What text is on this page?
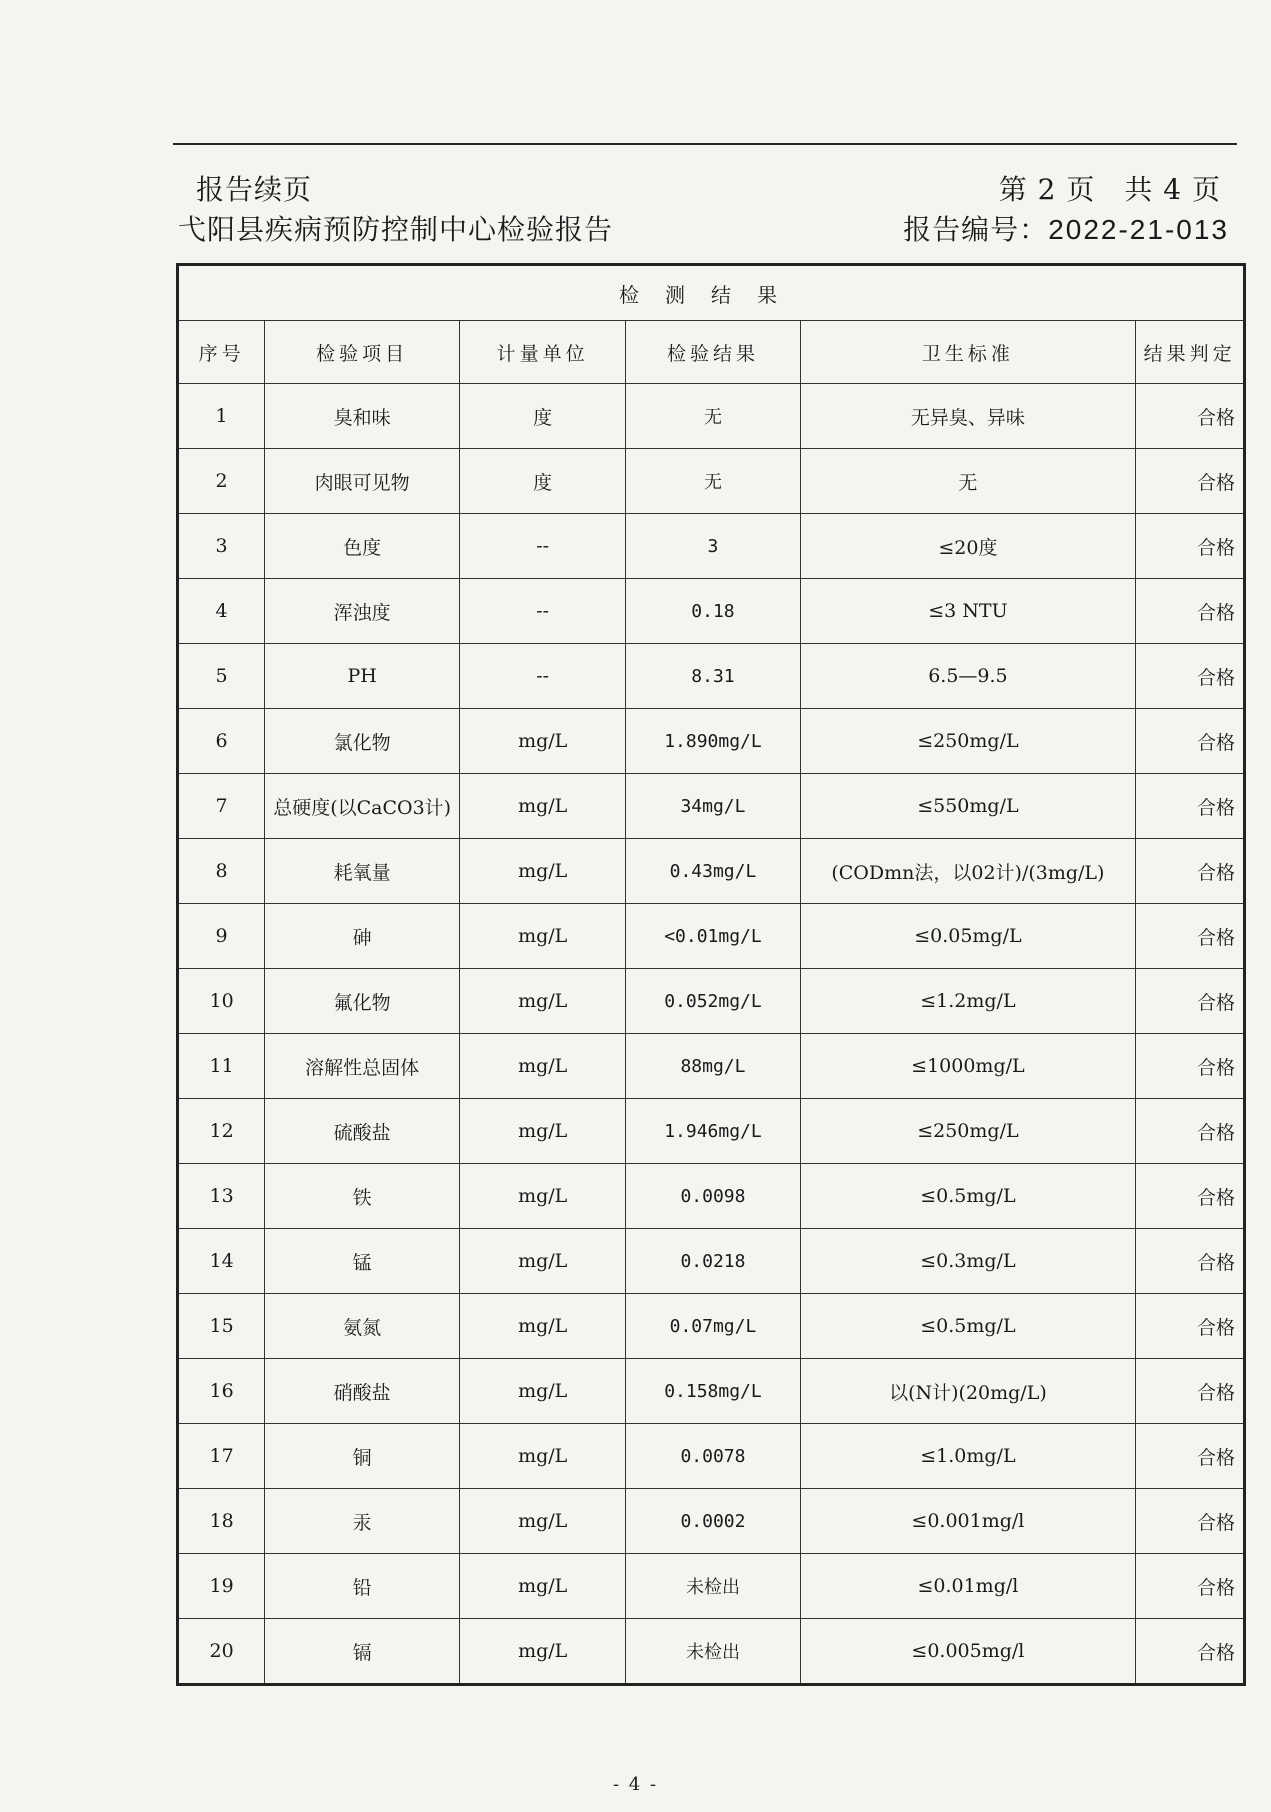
报告续页	第 2 页　共 4 页
弋阳县疾病预防控制中心检验报告	报告编号：2022-21-013
检测结果					
序号	检验项目	计量单位	检验结果	卫生标准	结果判定
1	臭和味	度	无	无异臭、异味	合格
2	肉眼可见物	度	无	无	合格
3	色度	--	3	≤20度	合格
4	浑浊度	--	0.18	≤3 NTU	合格
5	PH	--	8.31	6.5—9.5	合格
6	氯化物	mg/L	1.890mg/L	≤250mg/L	合格
7	总硬度(以CaCO3计)	mg/L	34mg/L	≤550mg/L	合格
8	耗氧量	mg/L	0.43mg/L	(CODmn法，以02计)/(3mg/L)	合格
9	砷	mg/L	<0.01mg/L	≤0.05mg/L	合格
10	氟化物	mg/L	0.052mg/L	≤1.2mg/L	合格
11	溶解性总固体	mg/L	88mg/L	≤1000mg/L	合格
12	硫酸盐	mg/L	1.946mg/L	≤250mg/L	合格
13	铁	mg/L	0.0098	≤0.5mg/L	合格
14	锰	mg/L	0.0218	≤0.3mg/L	合格
15	氨氮	mg/L	0.07mg/L	≤0.5mg/L	合格
16	硝酸盐	mg/L	0.158mg/L	以(N计)(20mg/L)	合格
17	铜	mg/L	0.0078	≤1.0mg/L	合格
18	汞	mg/L	0.0002	≤0.001mg/l	合格
19	铅	mg/L	未检出	≤0.01mg/l	合格
20	镉	mg/L	未检出	≤0.005mg/l	合格
- 4 -
